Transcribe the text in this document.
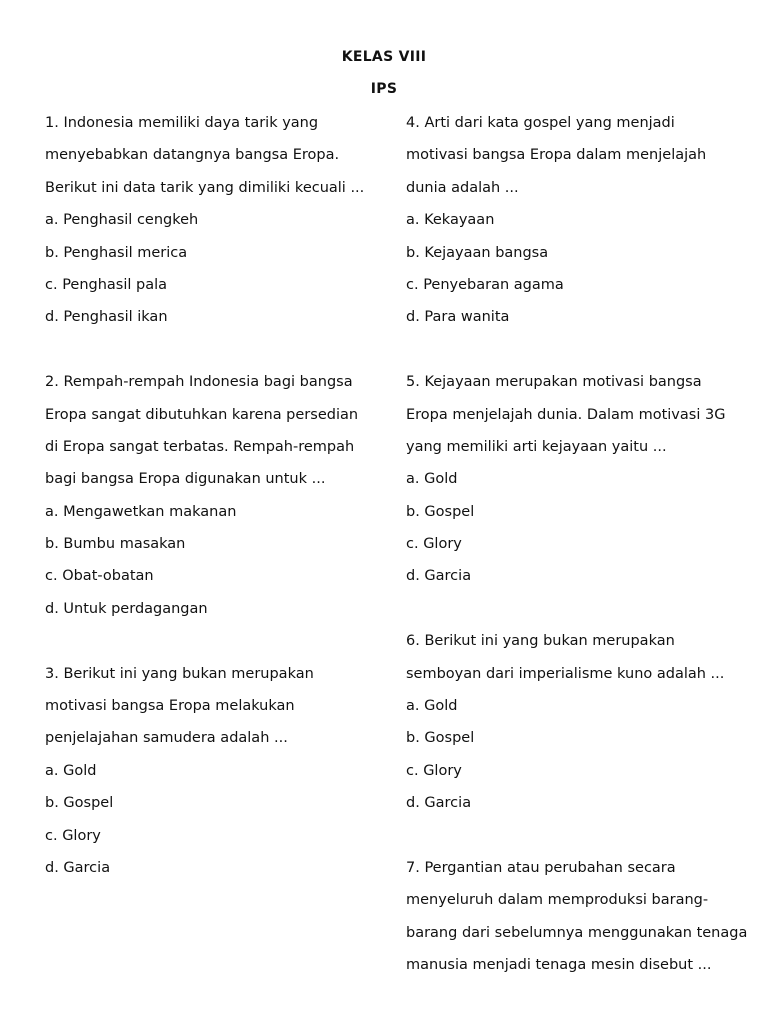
KELAS VIII
IPS
1. Indonesia memiliki daya tarik yang
menyebabkan datangnya bangsa Eropa.
Berikut ini data tarik yang dimiliki kecuali ...
a. Penghasil cengkeh
b. Penghasil merica
c. Penghasil pala
d. Penghasil ikan
2. Rempah-rempah Indonesia bagi bangsa
Eropa sangat dibutuhkan karena persedian
di Eropa sangat terbatas. Rempah-rempah
bagi bangsa Eropa digunakan untuk ...
a. Mengawetkan makanan
b. Bumbu masakan
c. Obat-obatan
d. Untuk perdagangan
3. Berikut ini yang bukan merupakan
motivasi bangsa Eropa melakukan
penjelajahan samudera adalah ...
a. Gold
b. Gospel
c. Glory
d. Garcia
4. Arti dari kata gospel yang menjadi
motivasi bangsa Eropa dalam menjelajah
dunia adalah ...
a. Kekayaan
b. Kejayaan bangsa
c. Penyebaran agama
d. Para wanita
5. Kejayaan merupakan motivasi bangsa
Eropa menjelajah dunia. Dalam motivasi 3G
yang memiliki arti kejayaan yaitu ...
a. Gold
b. Gospel
c. Glory
d. Garcia
6. Berikut ini yang bukan merupakan
semboyan dari imperialisme kuno adalah ...
a. Gold
b. Gospel
c. Glory
d. Garcia
7. Pergantian atau perubahan secara
menyeluruh dalam memproduksi barang-
barang dari sebelumnya menggunakan tenaga
manusia menjadi tenaga mesin disebut ...
